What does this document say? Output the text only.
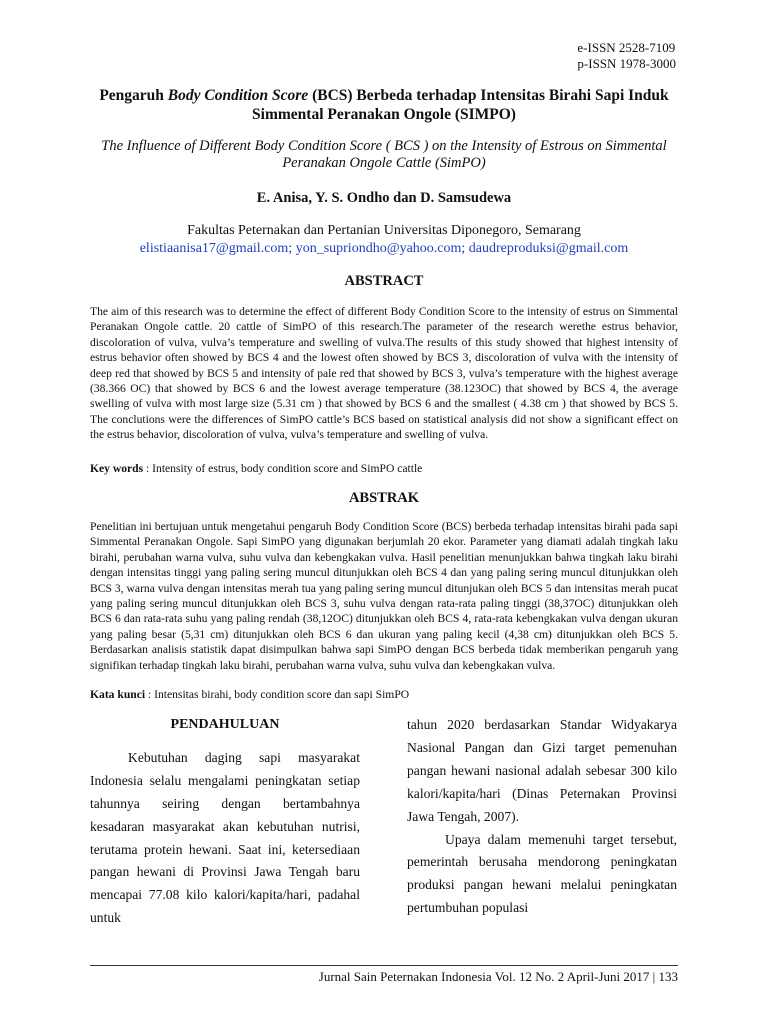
e-ISSN 2528-7109
p-ISSN 1978-3000
Pengaruh Body Condition Score (BCS) Berbeda terhadap Intensitas Birahi Sapi Induk Simmental Peranakan Ongole (SIMPO)
The Influence of Different Body Condition Score ( BCS ) on the Intensity of Estrous on Simmental Peranakan Ongole Cattle (SimPO)
E. Anisa, Y. S. Ondho dan D. Samsudewa
Fakultas Peternakan dan Pertanian Universitas Diponegoro, Semarang
elistiaanisa17@gmail.com; yon_supriondho@yahoo.com; daudreproduksi@gmail.com
ABSTRACT
The aim of this research was to determine the effect of different Body Condition Score to the intensity of estrus on Simmental Peranakan Ongole cattle. 20 cattle of SimPO of this research.The parameter of the research werethe estrus behavior, discoloration of vulva, vulva’s temperature and swelling of vulva.The results of this study showed that highest intensity of estrus behavior often showed by BCS 4 and the lowest often showed by BCS 3, discoloration of vulva with the intensity of deep red that showed by BCS 5 and intensity of pale red that showed by BCS 3, vulva’s temperature with the highest average (38.366 OC) that showed by BCS 6 and the lowest average temperature (38.123OC) that showed by BCS 4, the average swelling of vulva with most large size (5.31 cm ) that showed by BCS 6 and the smallest ( 4.38 cm ) that showed by BCS 5. The conclutions were the differences of SimPO cattle’s BCS based on statistical analysis did not show a significant effect on the estrus behavior, discoloration of vulva, vulva’s temperature and swelling of vulva.
Key words : Intensity of estrus, body condition score and SimPO cattle
ABSTRAK
Penelitian ini bertujuan untuk mengetahui pengaruh Body Condition Score (BCS) berbeda terhadap intensitas birahi pada sapi Simmental Peranakan Ongole. Sapi SimPO yang digunakan berjumlah 20 ekor. Parameter yang diamati adalah tingkah laku birahi, perubahan warna vulva, suhu vulva dan kebengkakan vulva. Hasil penelitian menunjukkan bahwa tingkah laku birahi dengan intensitas tinggi yang paling sering muncul ditunjukkan oleh BCS 4 dan yang paling sering muncul ditunjukkan oleh BCS 3, warna vulva dengan intensitas merah tua yang paling sering muncul ditunjukan oleh BCS 5 dan intensitas merah pucat yang paling sering muncul ditunjukkan oleh BCS 3, suhu vulva dengan rata-rata paling tinggi (38,37OC) ditunjukkan oleh BCS 6 dan rata-rata suhu yang paling rendah (38,12OC) ditunjukkan oleh BCS 4, rata-rata kebengkakan vulva dengan ukuran yang paling besar (5,31 cm) ditunjukkan oleh BCS 6 dan ukuran yang paling kecil (4,38 cm) ditunjukkan oleh BCS 5. Berdasarkan analisis statistik dapat disimpulkan bahwa sapi SimPO dengan BCS berbeda tidak memberikan pengaruh yang signifikan terhadap tingkah laku birahi, perubahan warna vulva, suhu vulva dan kebengkakan vulva.
Kata kunci : Intensitas birahi, body condition score dan sapi SimPO
PENDAHULUAN

Kebutuhan daging sapi masyarakat Indonesia selalu mengalami peningkatan setiap tahunnya seiring dengan bertambahnya kesadaran masyarakat akan kebutuhan nutrisi, terutama protein hewani. Saat ini, ketersediaan pangan hewani di Provinsi Jawa Tengah baru mencapai 77.08 kilo kalori/kapita/hari, padahal untuk

tahun 2020 berdasarkan Standar Widyakarya Nasional Pangan dan Gizi target pemenuhan pangan hewani nasional adalah sebesar 300 kilo kalori/kapita/hari (Dinas Peternakan Provinsi Jawa Tengah, 2007).

Upaya dalam memenuhi target tersebut, pemerintah berusaha mendorong peningkatan produksi pangan hewani melalui peningkatan pertumbuhan populasi

Jurnal Sain Peternakan Indonesia Vol. 12 No. 2 April-Juni 2017 | 133
